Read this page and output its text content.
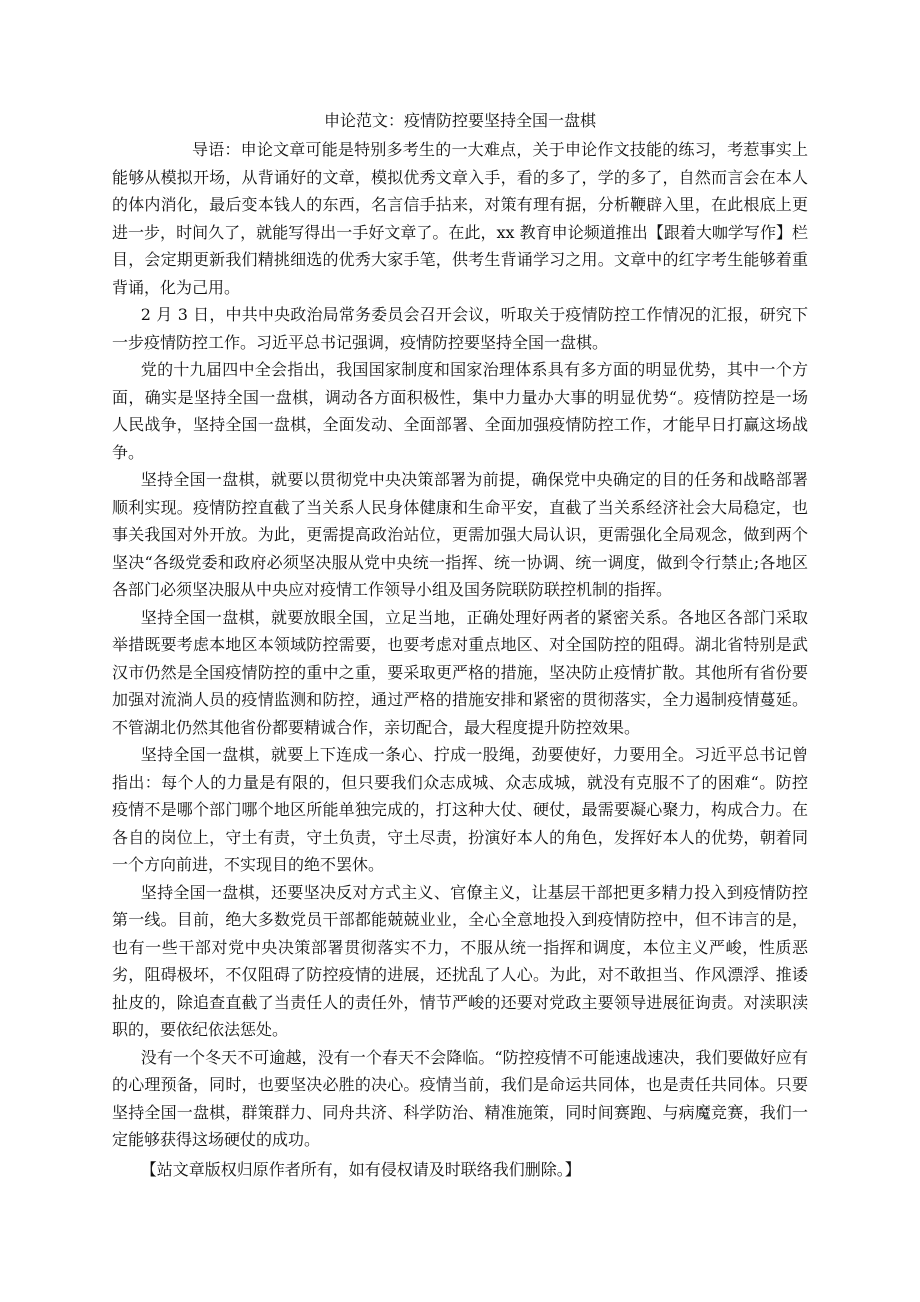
申论范文：疫情防控要坚持全国一盘棋

导语：申论文章可能是特别多考生的一大难点，关于申论作文技能的练习，考惹事实上能够从模拟开场，从背诵好的文章，模拟优秀文章入手，看的多了，学的多了，自然而言会在本人的体内消化，最后变本钱人的东西，名言信手拈来，对策有理有据，分析鞭辟入里，在此根底上更进一步，时间久了，就能写得出一手好文章了。在此，xx 教育申论频道推出【跟着大咖学写作】栏目，会定期更新我们精挑细选的优秀大家手笔，供考生背诵学习之用。文章中的红字考生能够着重背诵，化为己用。

2 月 3 日，中共中央政治局常务委员会召开会议，听取关于疫情防控工作情况的汇报，研究下一步疫情防控工作。习近平总书记强调，疫情防控要坚持全国一盘棋。

党的十九届四中全会指出，我国国家制度和国家治理体系具有多方面的明显优势，其中一个方面，确实是坚持全国一盘棋，调动各方面积极性，集中力量办大事的明显优势“。疫情防控是一场人民战争，坚持全国一盘棋，全面发动、全面部署、全面加强疫情防控工作，才能早日打赢这场战争。

坚持全国一盘棋，就要以贯彻党中央决策部署为前提，确保党中央确定的目的任务和战略部署顺利实现。疫情防控直截了当关系人民身体健康和生命平安，直截了当关系经济社会大局稳定，也事关我国对外开放。为此，更需提高政治站位，更需加强大局认识，更需强化全局观念，做到两个坚决“各级党委和政府必须坚决服从党中央统一指挥、统一协调、统一调度，做到令行禁止;各地区各部门必须坚决服从中央应对疫情工作领导小组及国务院联防联控机制的指挥。

坚持全国一盘棋，就要放眼全国，立足当地，正确处理好两者的紧密关系。各地区各部门采取举措既要考虑本地区本领域防控需要，也要考虑对重点地区、对全国防控的阻碍。湖北省特别是武汉市仍然是全国疫情防控的重中之重，要采取更严格的措施，坚决防止疫情扩散。其他所有省份要加强对流淌人员的疫情监测和防控，通过严格的措施安排和紧密的贯彻落实，全力遏制疫情蔓延。不管湖北仍然其他省份都要精诚合作，亲切配合，最大程度提升防控效果。

坚持全国一盘棋，就要上下连成一条心、拧成一股绳，劲要使好，力要用全。习近平总书记曾指出：每个人的力量是有限的，但只要我们众志成城、众志成城，就没有克服不了的困难“。防控疫情不是哪个部门哪个地区所能单独完成的，打这种大仗、硬仗，最需要凝心聚力，构成合力。在各自的岗位上，守土有责，守土负责，守土尽责，扮演好本人的角色，发挥好本人的优势，朝着同一个方向前进，不实现目的绝不罢休。

坚持全国一盘棋，还要坚决反对方式主义、官僚主义，让基层干部把更多精力投入到疫情防控第一线。目前，绝大多数党员干部都能兢兢业业，全心全意地投入到疫情防控中，但不讳言的是，也有一些干部对党中央决策部署贯彻落实不力，不服从统一指挥和调度，本位主义严峻，性质恶劣，阻碍极坏，不仅阻碍了防控疫情的进展，还扰乱了人心。为此，对不敢担当、作风漂浮、推诿扯皮的，除追查直截了当责任人的责任外，情节严峻的还要对党政主要领导进展征询责。对渎职渎职的，要依纪依法惩处。

没有一个冬天不可逾越，没有一个春天不会降临。“防控疫情不可能速战速决，我们要做好应有的心理预备，同时，也要坚决必胜的决心。疫情当前，我们是命运共同体，也是责任共同体。只要坚持全国一盘棋，群策群力、同舟共济、科学防治、精准施策，同时间赛跑、与病魔竞赛，我们一定能够获得这场硬仗的成功。

【站文章版权归原作者所有，如有侵权请及时联络我们删除。】
